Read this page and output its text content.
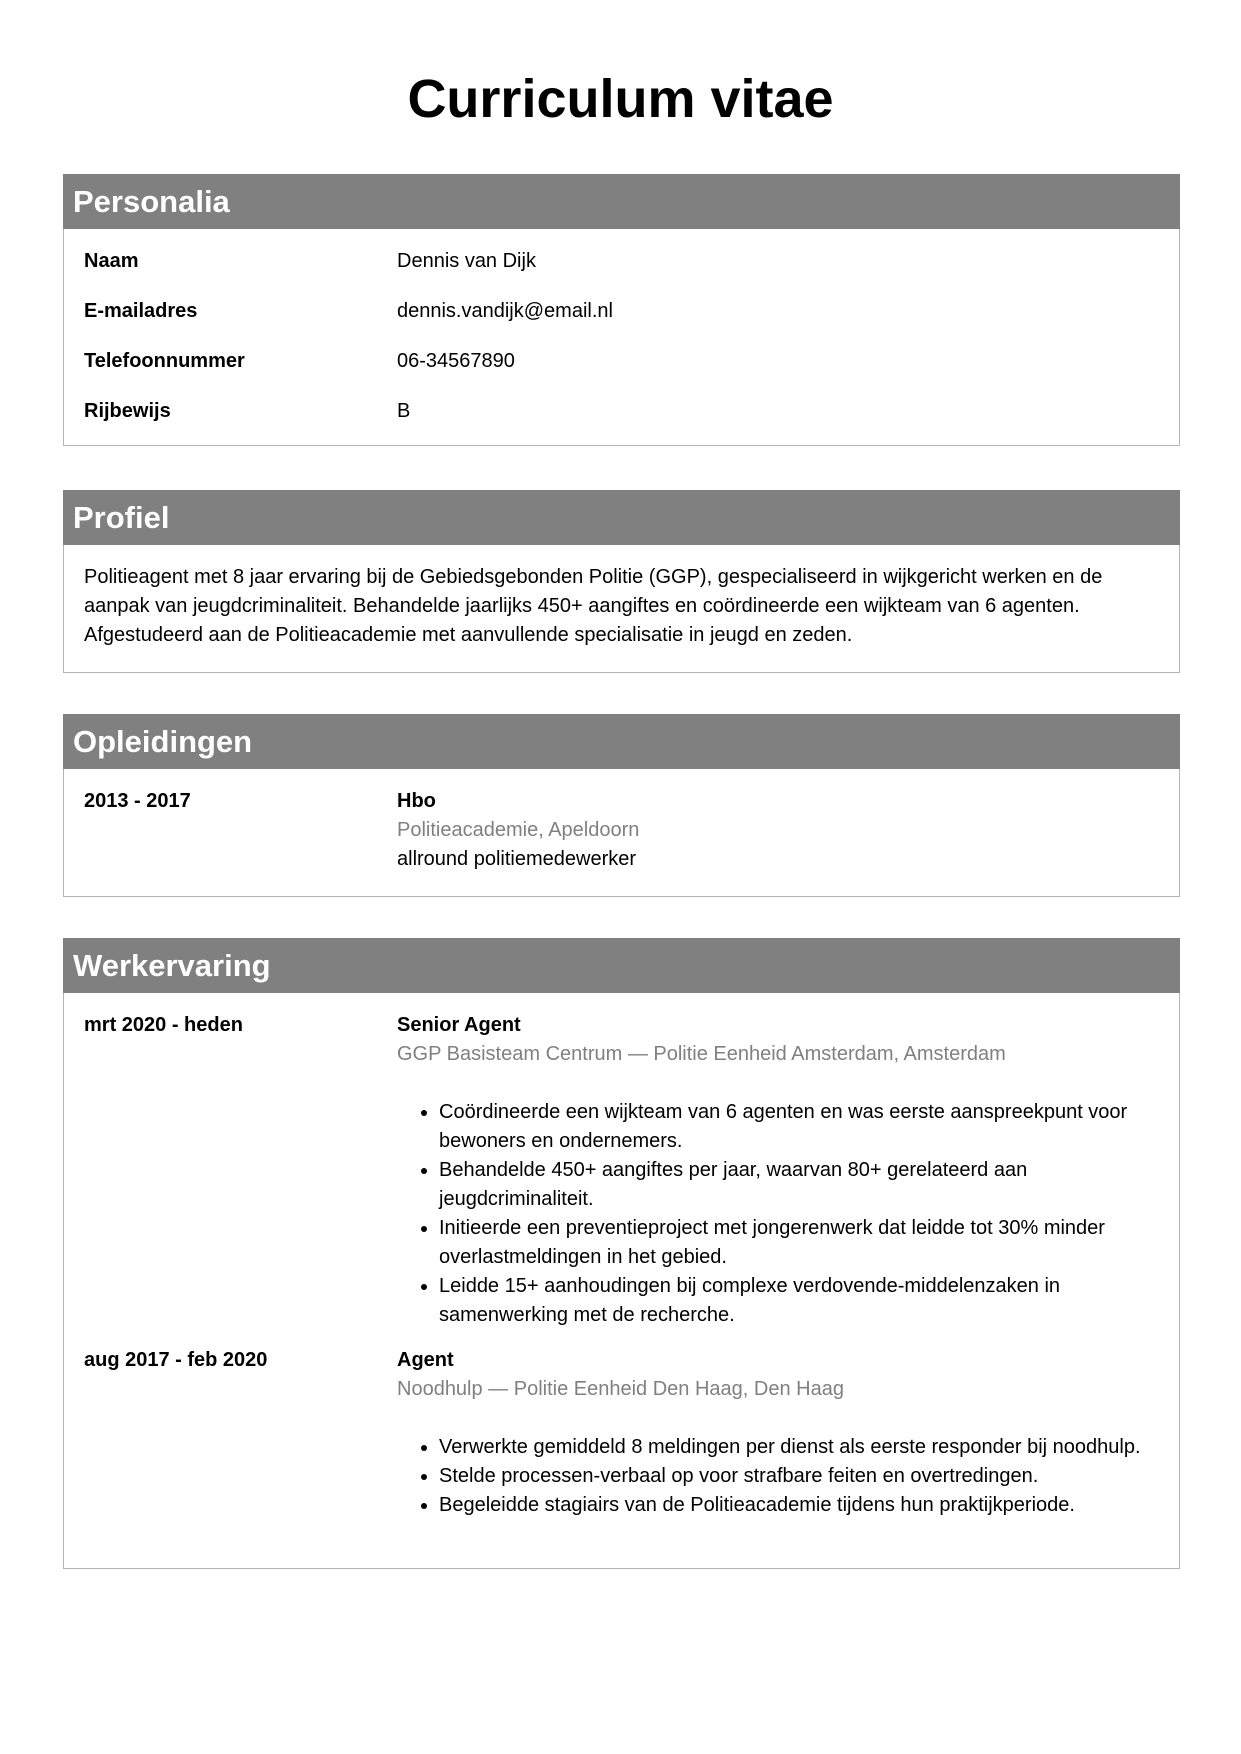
Curriculum vitae
Personalia
Naam	Dennis van Dijk
E-mailadres	dennis.vandijk@email.nl
Telefoonnummer	06-34567890
Rijbewijs	B
Profiel

Politieagent met 8 jaar ervaring bij de Gebiedsgebonden Politie (GGP), gespecialiseerd in wijkgericht werken en de aanpak van jeugdcriminaliteit. Behandelde jaarlijks 450+ aangiftes en coördineerde een wijkteam van 6 agenten. Afgestudeerd aan de Politieacademie met aanvullende specialisatie in jeugd en zeden.

Opleidingen
2013 - 2017	Hbo
Politieacademie, Apeldoorn
allround politiemedewerker
Werkervaring
mrt 2020 - heden	Senior Agent
GGP Basisteam Centrum — Politie Eenheid Amsterdam, Amsterdam
• Coördineerde een wijkteam van 6 agenten en was eerste aanspreekpunt voor bewoners en ondernemers.
• Behandelde 450+ aangiftes per jaar, waarvan 80+ gerelateerd aan jeugdcriminaliteit.
• Initieerde een preventieproject met jongerenwerk dat leidde tot 30% minder overlastmeldingen in het gebied.
• Leidde 15+ aanhoudingen bij complexe verdovende-middelenzaken in samenwerking met de recherche.
aug 2017 - feb 2020	Agent
Noodhulp — Politie Eenheid Den Haag, Den Haag
• Verwerkte gemiddeld 8 meldingen per dienst als eerste responder bij noodhulp.
• Stelde processen-verbaal op voor strafbare feiten en overtredingen.
• Begeleidde stagiairs van de Politieacademie tijdens hun praktijkperiode.
